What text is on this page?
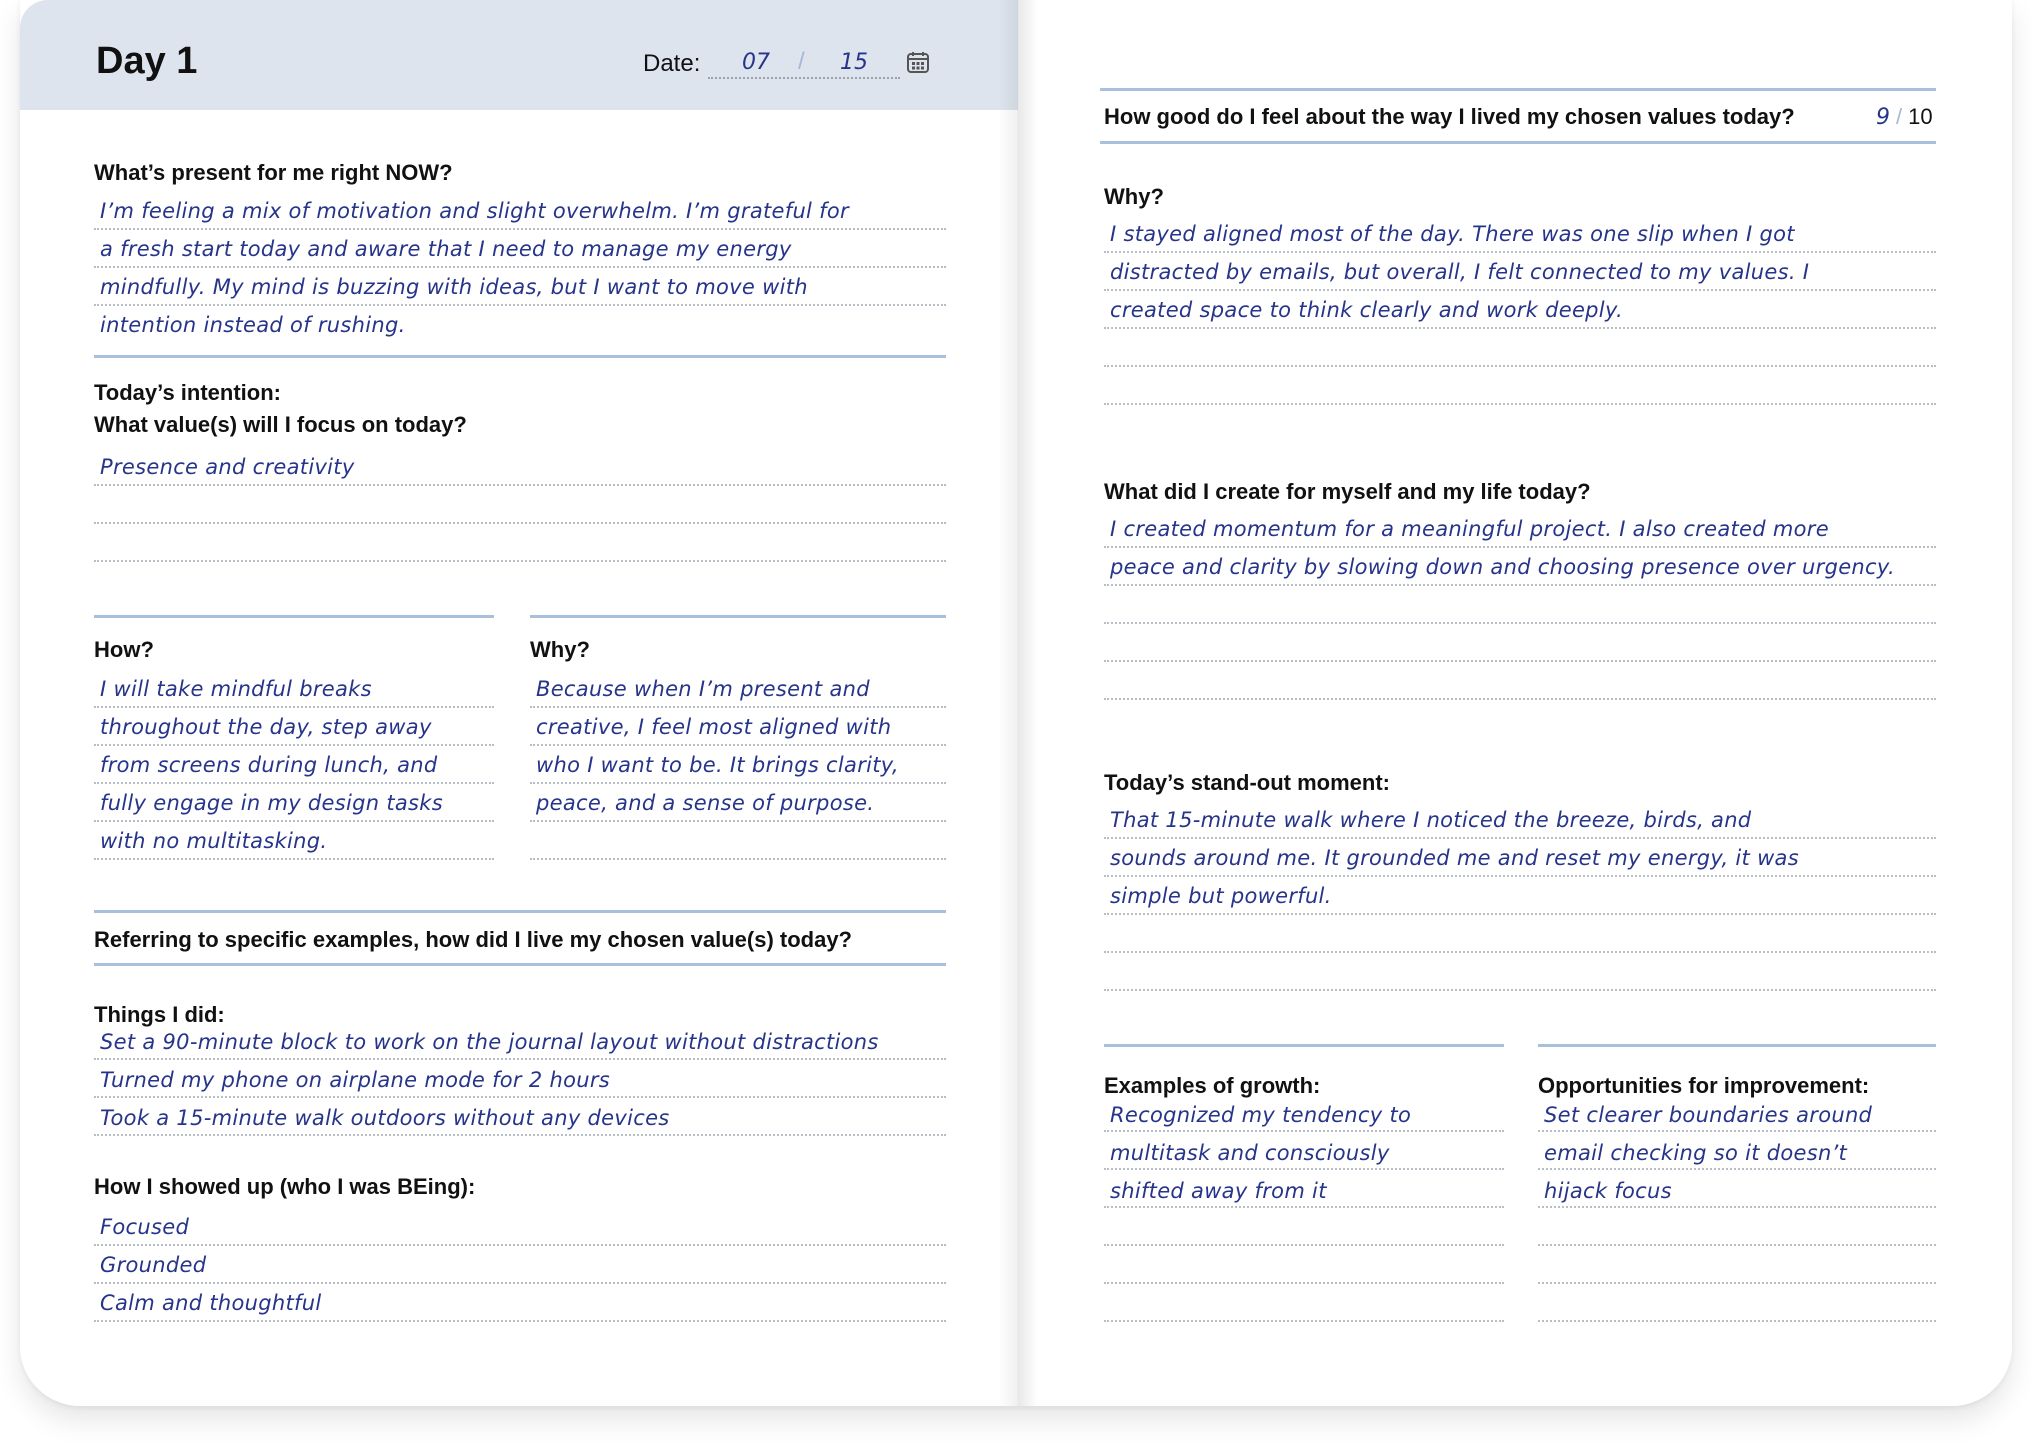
Day 1	Date: 07 / 15
What’s present for me right NOW?
I’m feeling a mix of motivation and slight overwhelm. I’m grateful for
a fresh start today and aware that I need to manage my energy
mindfully. My mind is buzzing with ideas, but I want to move with
intention instead of rushing.
Today’s intention:
What value(s) will I focus on today?
Presence and creativity
How?	Why?
I will take mindful breaks
throughout the day, step away
from screens during lunch, and
fully engage in my design tasks
with no multitasking.
Because when I’m present and
creative, I feel most aligned with
who I want to be. It brings clarity,
peace, and a sense of purpose.
Referring to specific examples, how did I live my chosen value(s) today?
Things I did:
Set a 90-minute block to work on the journal layout without distractions
Turned my phone on airplane mode for 2 hours
Took a 15-minute walk outdoors without any devices
How I showed up (who I was BEing):
Focused
Grounded
Calm and thoughtful
How good do I feel about the way I lived my chosen values today?	9 / 10
Why?
I stayed aligned most of the day. There was one slip when I got
distracted by emails, but overall, I felt connected to my values. I
created space to think clearly and work deeply.
What did I create for myself and my life today?
I created momentum for a meaningful project. I also created more
peace and clarity by slowing down and choosing presence over urgency.
Today’s stand-out moment:
That 15-minute walk where I noticed the breeze, birds, and
sounds around me. It grounded me and reset my energy, it was
simple but powerful.
Examples of growth:	Opportunities for improvement:
Recognized my tendency to
multitask and consciously
shifted away from it
Set clearer boundaries around
email checking so it doesn’t
hijack focus
